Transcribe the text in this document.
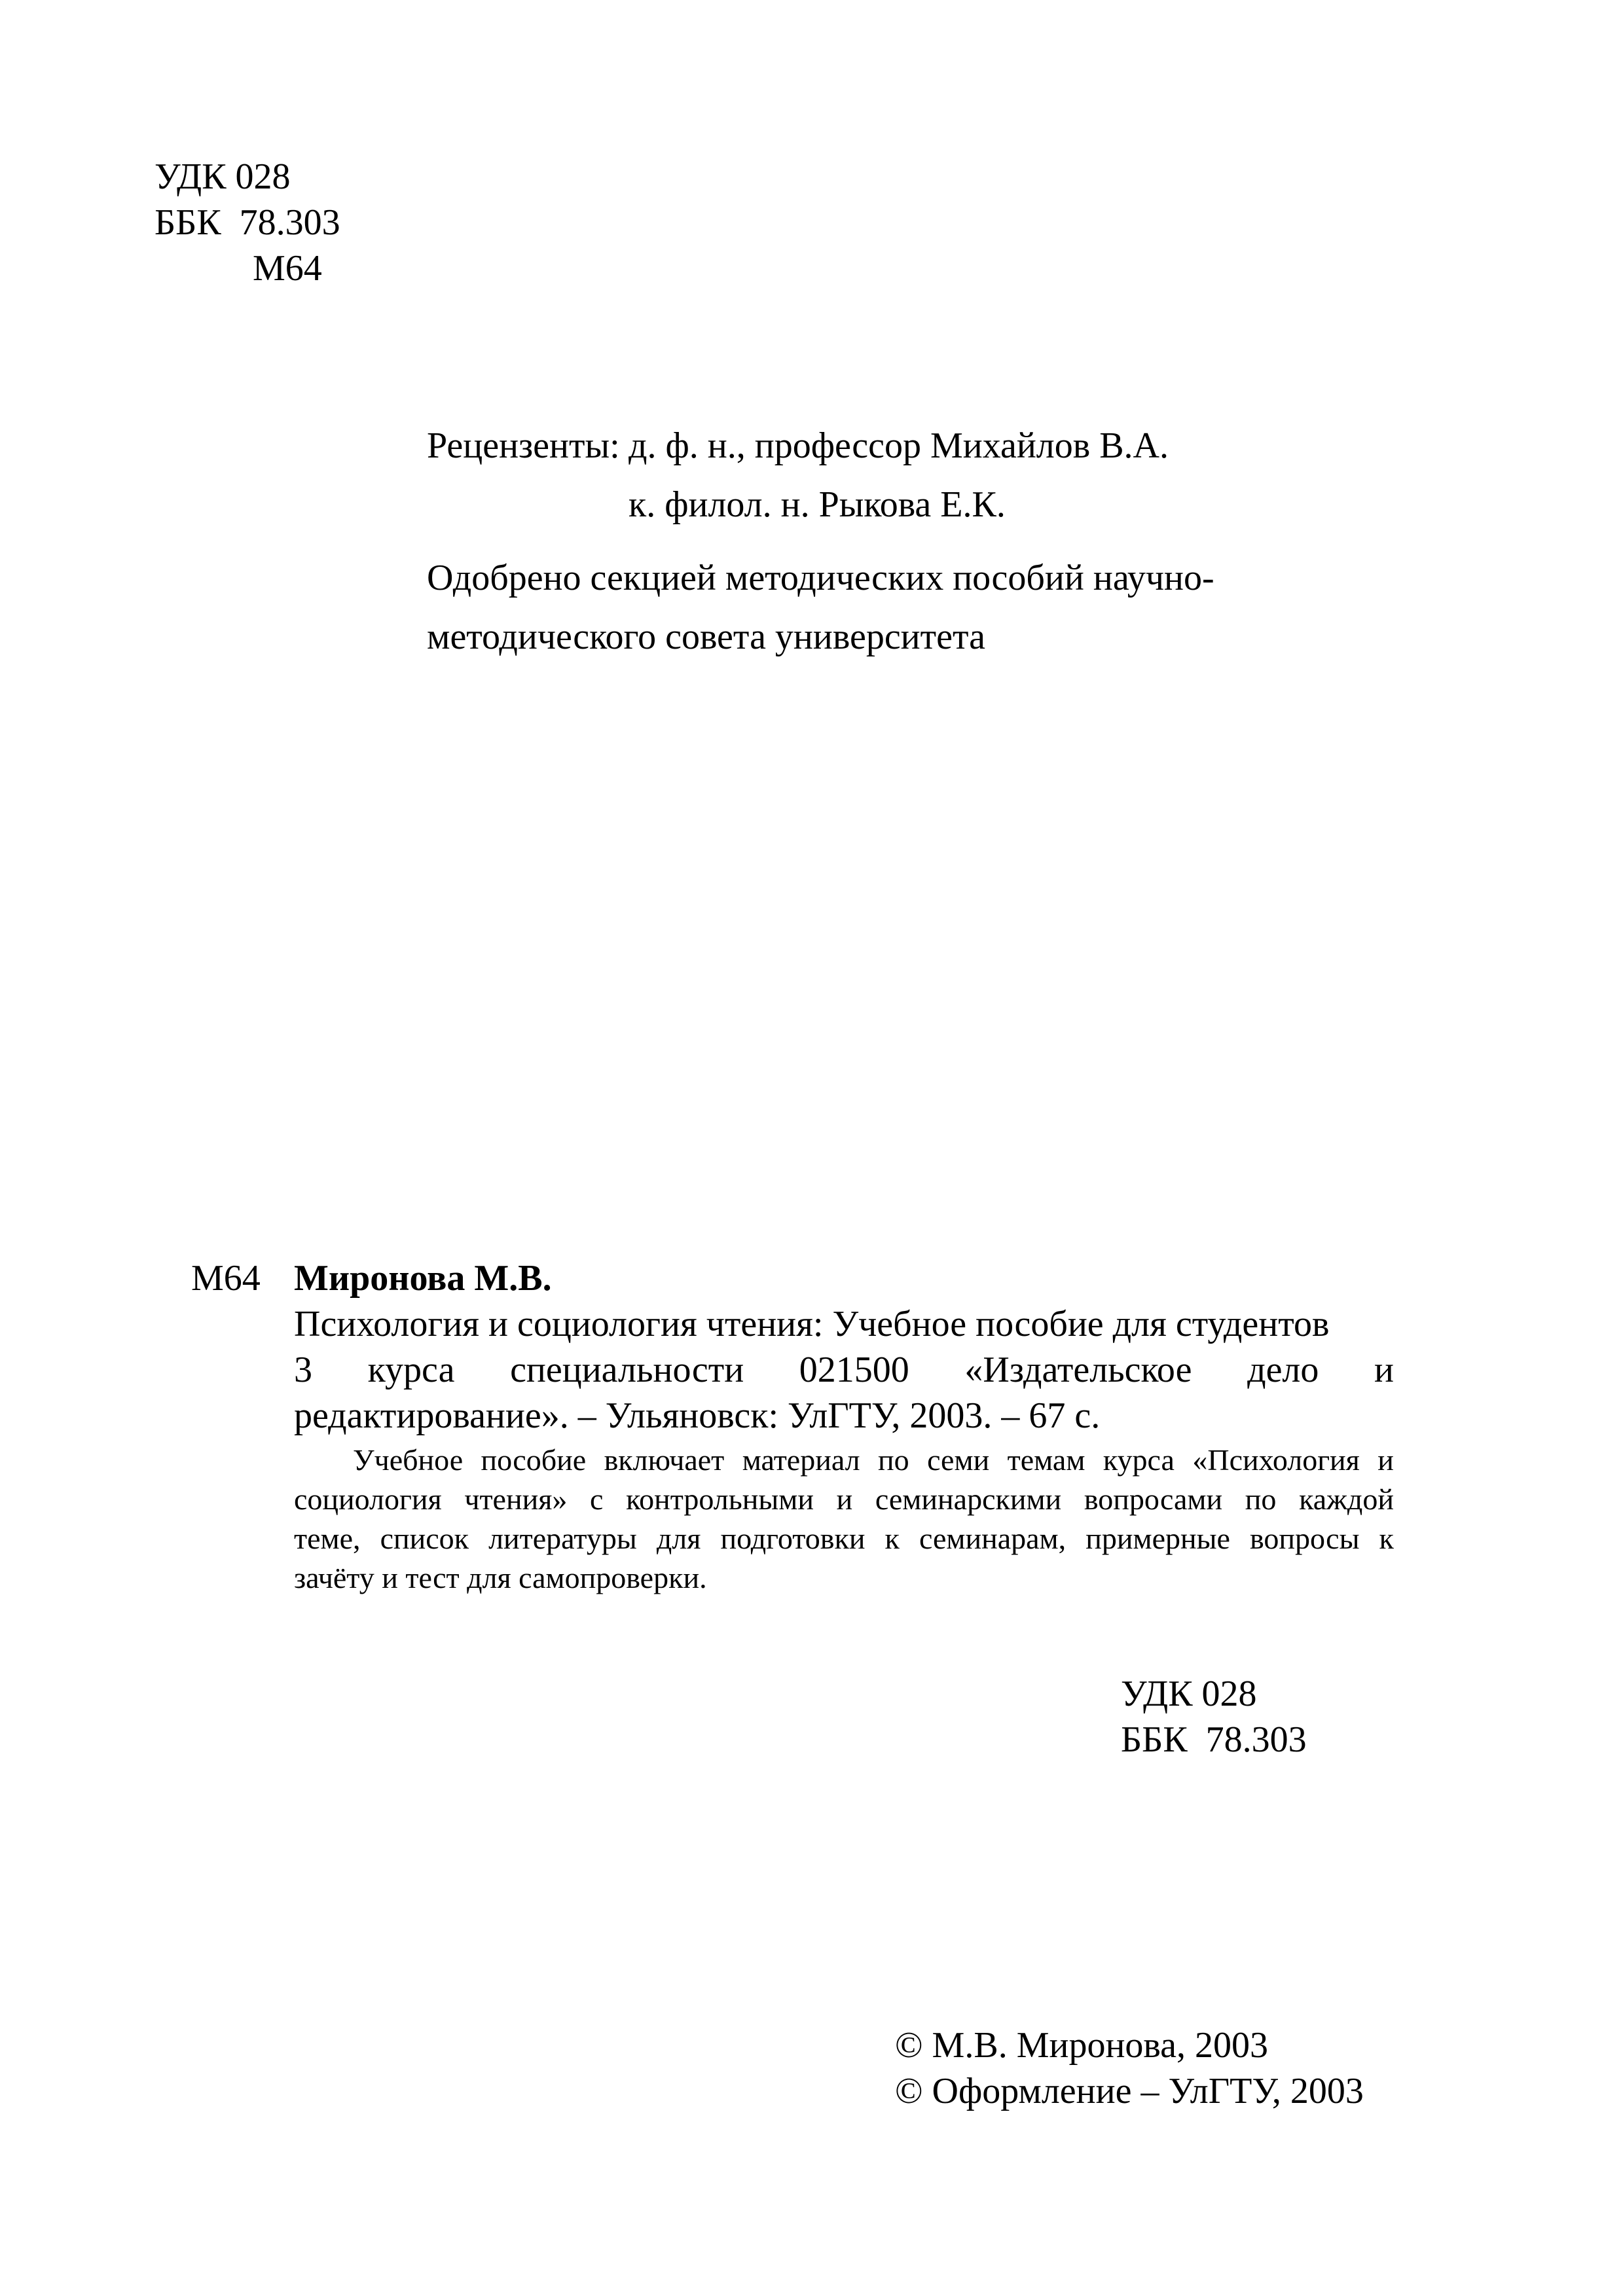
УДК 028
ББК  78.303
М64
Рецензенты: д. ф. н., профессор Михайлов В.А.
к. филол. н. Рыкова Е.К.
Одобрено секцией методических пособий научно-
методического совета университета
М64 Миронова М.В.
Психология и социология чтения: Учебное пособие для студентов
3 курса специальности 021500 «Издательское дело и
редактирование». – Ульяновск: УлГТУ, 2003. – 67 с.
Учебное пособие включает материал по семи темам курса «Психология и
социология чтения» с контрольными и семинарскими вопросами по каждой
теме, список литературы для подготовки к семинарам, примерные вопросы к
зачёту и тест для самопроверки.
УДК 028
ББК  78.303
© М.В. Миронова, 2003
© Оформление – УлГТУ, 2003
